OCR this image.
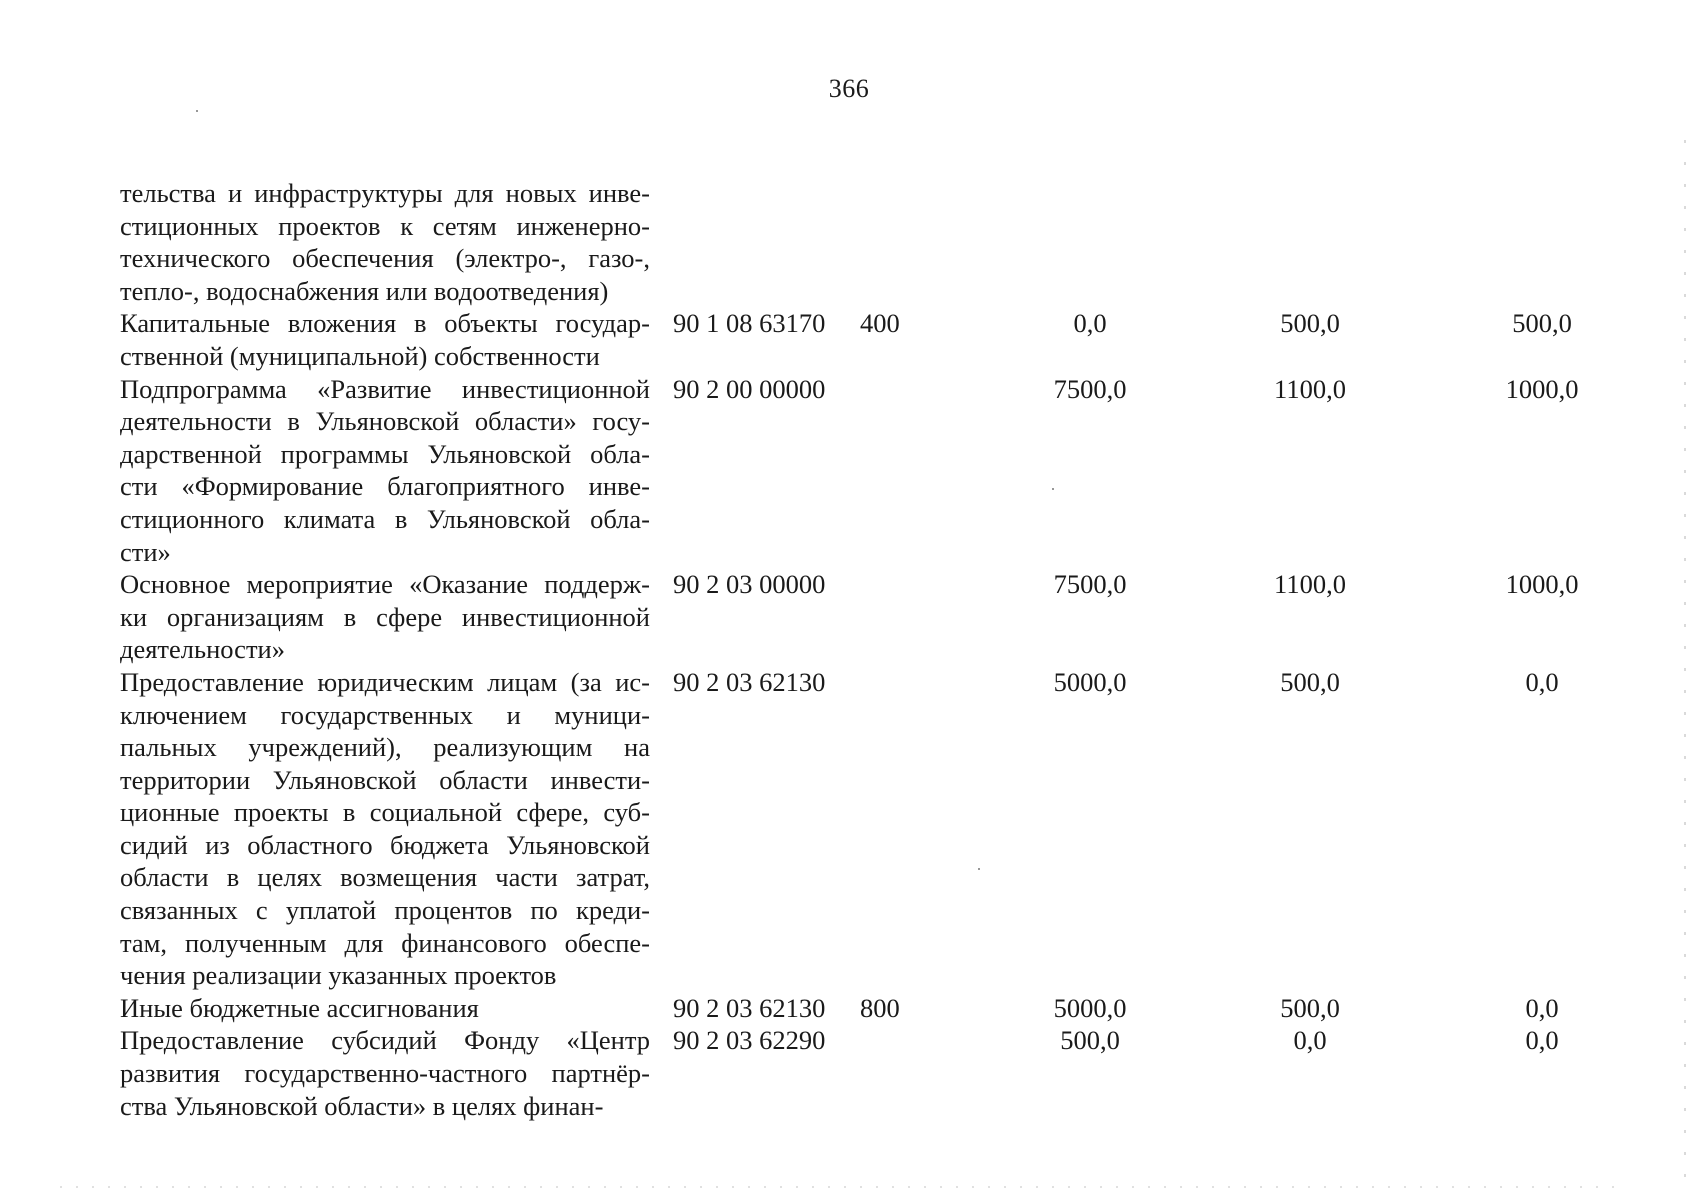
366
тельства и инфраструктуры для новых инве-
стиционных проектов к сетям инженерно-
технического обеспечения (электро-, газо-,
тепло-, водоснабжения или водоотведения)
Капитальные вложения в объекты государ-
ственной (муниципальной) собственности
90 1 08 63170 400	0,0	500,0	500,0
Подпрограмма «Развитие инвестиционной
деятельности в Ульяновской области» госу-
дарственной программы Ульяновской обла-
сти «Формирование благоприятного инве-
стиционного климата в Ульяновской обла-
сти»
90 2 00 00000	7500,0	1100,0	1000,0
Основное мероприятие «Оказание поддерж-
ки организациям в сфере инвестиционной
деятельности»
90 2 03 00000	7500,0	1100,0	1000,0
Предоставление юридическим лицам (за ис-
ключением государственных и муници-
пальных учреждений), реализующим на
территории Ульяновской области инвести-
ционные проекты в социальной сфере, суб-
сидий из областного бюджета Ульяновской
области в целях возмещения части затрат,
связанных с уплатой процентов по креди-
там, полученным для финансового обеспе-
чения реализации указанных проектов
90 2 03 62130	5000,0	500,0	0,0
Иные бюджетные ассигнования	90 2 03 62130 800	5000,0	500,0	0,0
Предоставление субсидий Фонду «Центр
развития государственно-частного партнёр-
ства Ульяновской области» в целях финан-
90 2 03 62290	500,0	0,0	0,0
